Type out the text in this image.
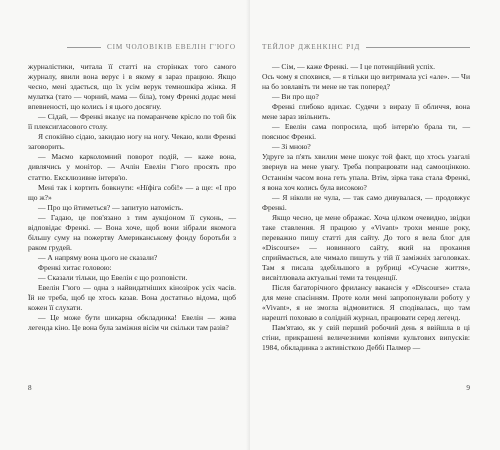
СІМ ЧОЛОВІКІВ ЕВЕЛІН Г'ЮГО

журналістики, читала її статті на сторінках того самого журналу, явили вона верує і в якому я зараз працюю. Якщо чесно, мені здається, що їх усім верук темношкіра жінка. Я мулатка (тато — чорний, мама — біла), тому Френкі додає мені впевненості, що колись і я цього досягну.

— Сідай, — Френкі вказує на помаранчеве крісло по той бік її плексигласового столу.

Я спокійно сідаю, закидаю ногу на ногу. Чекаю, коли Френкі заговорить.

— Маємо карколомний поворот подій, — каже вона, дивлячись у монітор. — Ачлін Евелін Г'юго просять про статтю. Ексклюзивне інтерв'ю.

Мені так і кортить бовкнути: «Нїфіга собі!» — а ще: «І про що ж?»

— Про що йтиметься? — запитую натомість.

— Гадаю, це пов'язано з тим аукціоном її суконь, — відповідає Френкі. — Вона хоче, щоб вони зібрали якомога більшу суму на пожертву Американському фонду боротьби з раком грудей.

— А напряму вона цього не сказали?

Френкі хитає головою:

— Сказали тільки, що Евелін є що розповісти.

Евелін Г'юго — одна з найвидатніших кінозірок усіх часів. Їй не треба, щоб це хтось казав. Вона достатньо відома, щоб кожен її слухати.

— Це може бути шикарна обкладинка! Евелін — жива легенда кіно. Це вона була заміжня вісім чи скільки там разів?

8
ТЕЙЛОР ДЖЕНКІНС РІД

— Сім, — каже Френкі. — І це потенційний успіх.

Ось чому я спохвися, — я тільки що витримала усі «але». — Чи на бо зовлавіть ти мене не так поперед?

— Ви про що?

Френкі глибоко вдихає. Судячи з виразу її обличчя, вона мене зараз звільнить.

— Евелін сама попросила, щоб інтерв'ю брала ти, — пояснює Френкі.

— Зі мною?

Удруге за п'ять хвилин мене шокує той факт, що хтось узагалі звернув на мене увагу. Треба попрацювати над самооцінкою. Останнім часом вона геть упала. Втім, зірка така стала Френкі, я вона хоч колись була високою?

— Я ніколи не чула, — так само дивувалася, — продовжує Френкі.

Якщо чесно, це мене ображає. Хоча цілком очевидно, звідки таке ставлення. Я працюю у «Vivant» трохи менше року, переважно пишу статті для сайту. До того я вела блог для «Discourse» — новинного сайту, який на прохання сприймається, але чимало пишуть у тій її заміжніх заголовках. Там я писала здебільшого в рубриці «Сучасне життя», висвітлювала актуальні теми та тенденції.

Після багаторічного фрилансу вакансія у «Discourse» стала для мене спасінням. Проте коли мені запропонували роботу у «Vivant», я не змогла відмовитися. Я сподівалась, що там нарешті поховаю в солідній журнал, працювати серед легенд.

Пам'ятаю, як у свій перший робочий день я ввійшла в ці стіни, прикрашені величезними копіями культових випусків: 1984, обкладинка з активісткою Деббі Палмер —

9
